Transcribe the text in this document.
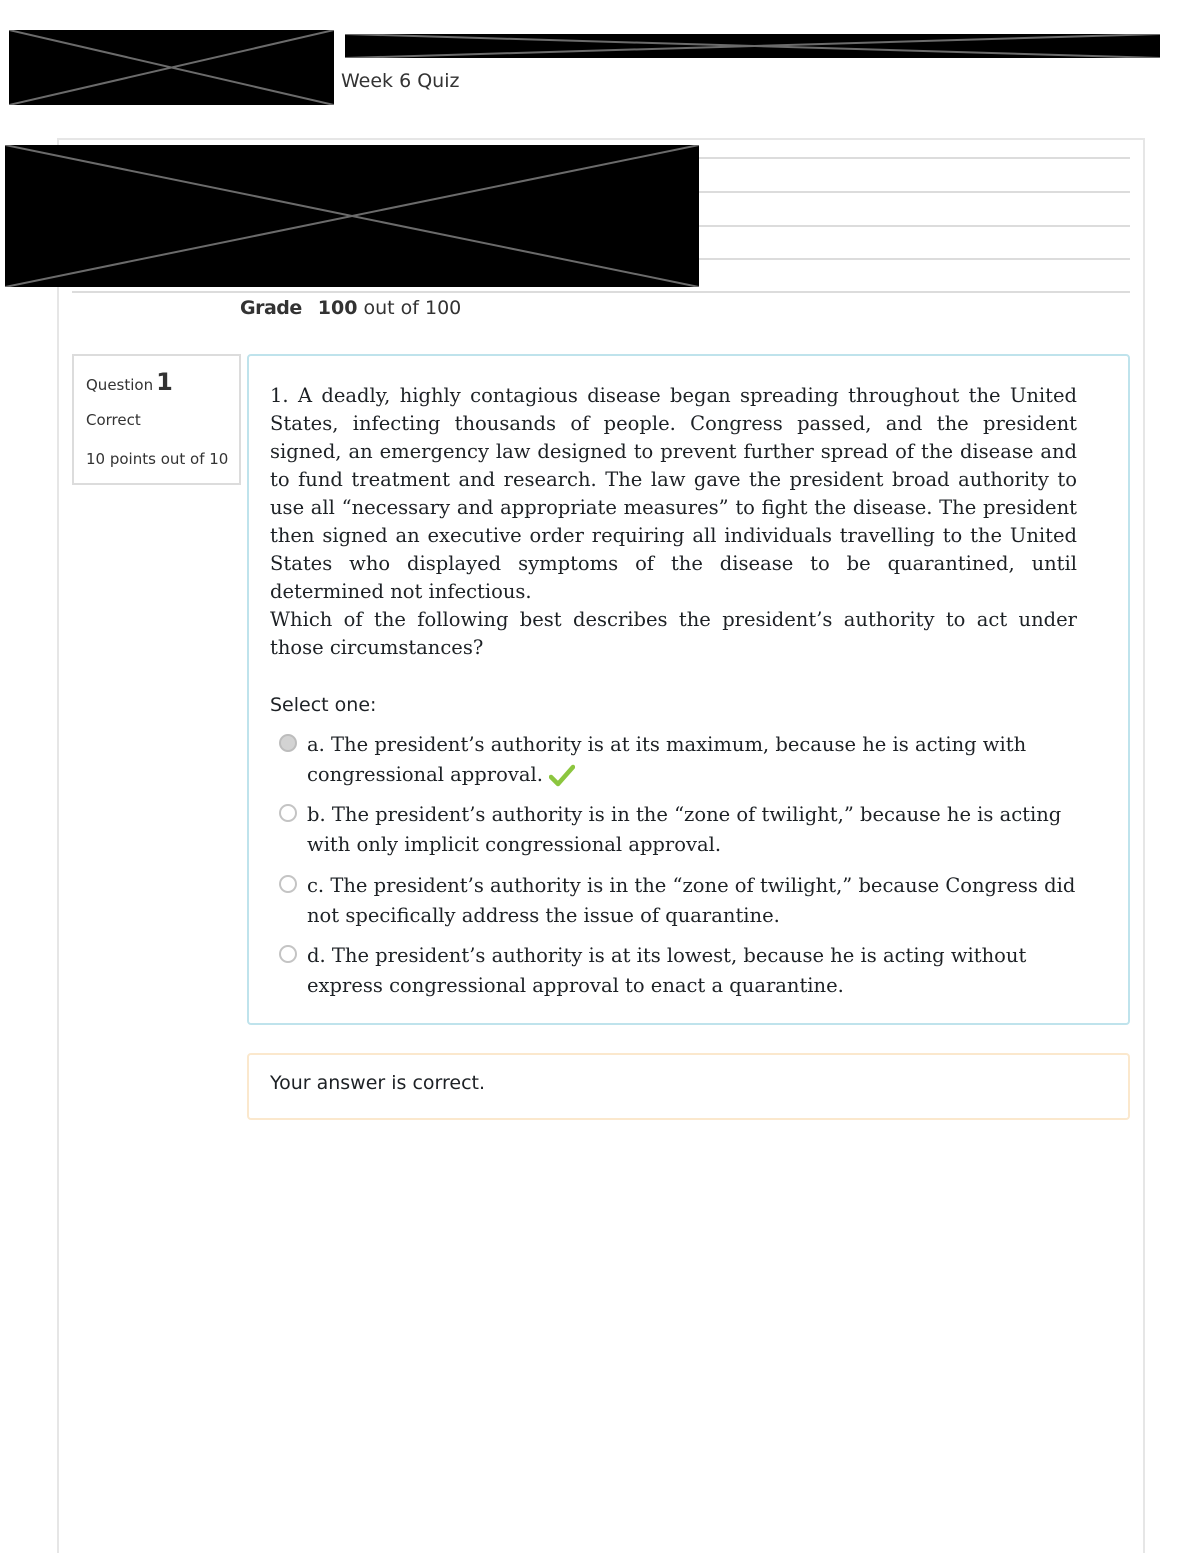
Week 6 Quiz
Grade 100 out of 100
Question 1
Correct
10 points out of 10
1. A deadly, highly contagious disease began spreading throughout the United States, infecting thousands of people. Congress passed, and the president signed, an emergency law designed to prevent further spread of the disease and to fund treatment and research. The law gave the president broad authority to use all “necessary and appropriate measures” to fight the disease. The president then signed an executive order requiring all individuals travelling to the United States who displayed symptoms of the disease to be quarantined, until determined not infectious.
Which of the following best describes the president’s authority to act under those circumstances?
Select one:
a. The president’s authority is at its maximum, because he is acting with congressional approval.
b. The president’s authority is in the “zone of twilight,” because he is acting with only implicit congressional approval.
c. The president’s authority is in the “zone of twilight,” because Congress did not specifically address the issue of quarantine.
d. The president’s authority is at its lowest, because he is acting without express congressional approval to enact a quarantine.
Your answer is correct.
